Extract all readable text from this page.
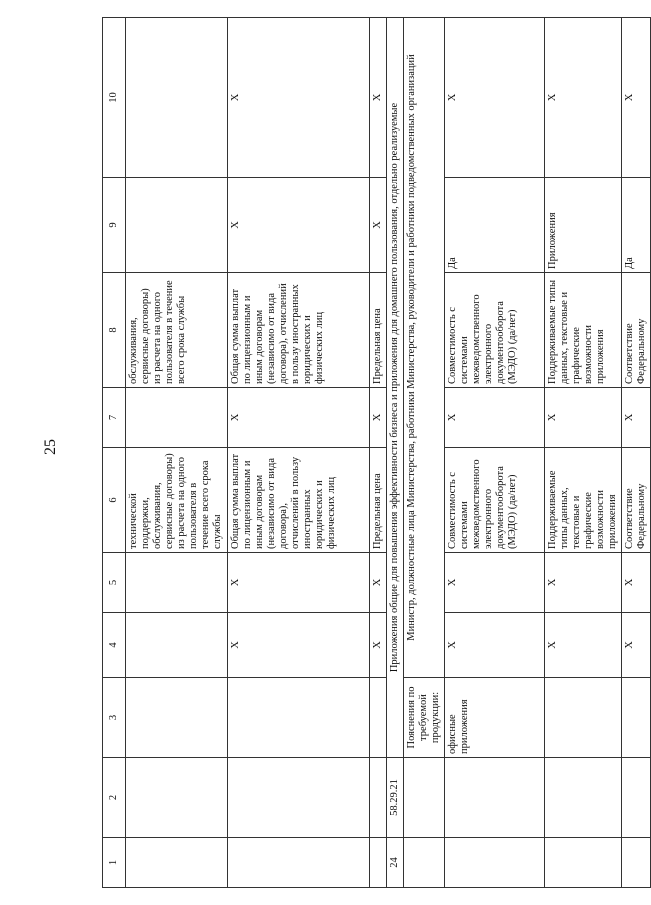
25
1	2	3	4	5	6	7	8	9	10
					технической поддержки, обслуживания, сервисные договоры) из расчета на одного пользователя в течение всего срока службы		обслуживания, сервисные договоры) из расчета на одного пользователя в течение всего срока службы		
			X	X	Общая сумма выплат по лицензионным и иным договорам (независимо от вида договора), отчислений в пользу иностранных юридических и физических лиц	X	Общая сумма выплат по лицензионным и иным договорам (независимо от вида договора), отчислений в пользу иностранных юридических и физических лиц	X	X
			X	X	Предельная цена	X	Предельная цена	X	X
24	58.29.21	Приложения общие для повышения эффективности бизнеса и приложения для домашнего пользования, отдельно реализуемые							
		Пояснения по требуемой продукции:	Министр, должностные лица Министерства, работники Министерства, руководители и работники подведомственных организаций						
		офисные приложения	X	X	Совместимость с системами межведомственного электронного документооборота (МЭДО) (да/нет)	X	Совместимость с системами межведомственного электронного документооборота (МЭДО) (да/нет)	Да	X
			X	X	Поддерживаемые типы данных, текстовые и графические возможности приложения	X	Поддерживаемые типы данных, текстовые и графические возможности приложения	Приложения	X
			X	X	Соответствие Федеральному	X	Соответствие Федеральному	Да	X
